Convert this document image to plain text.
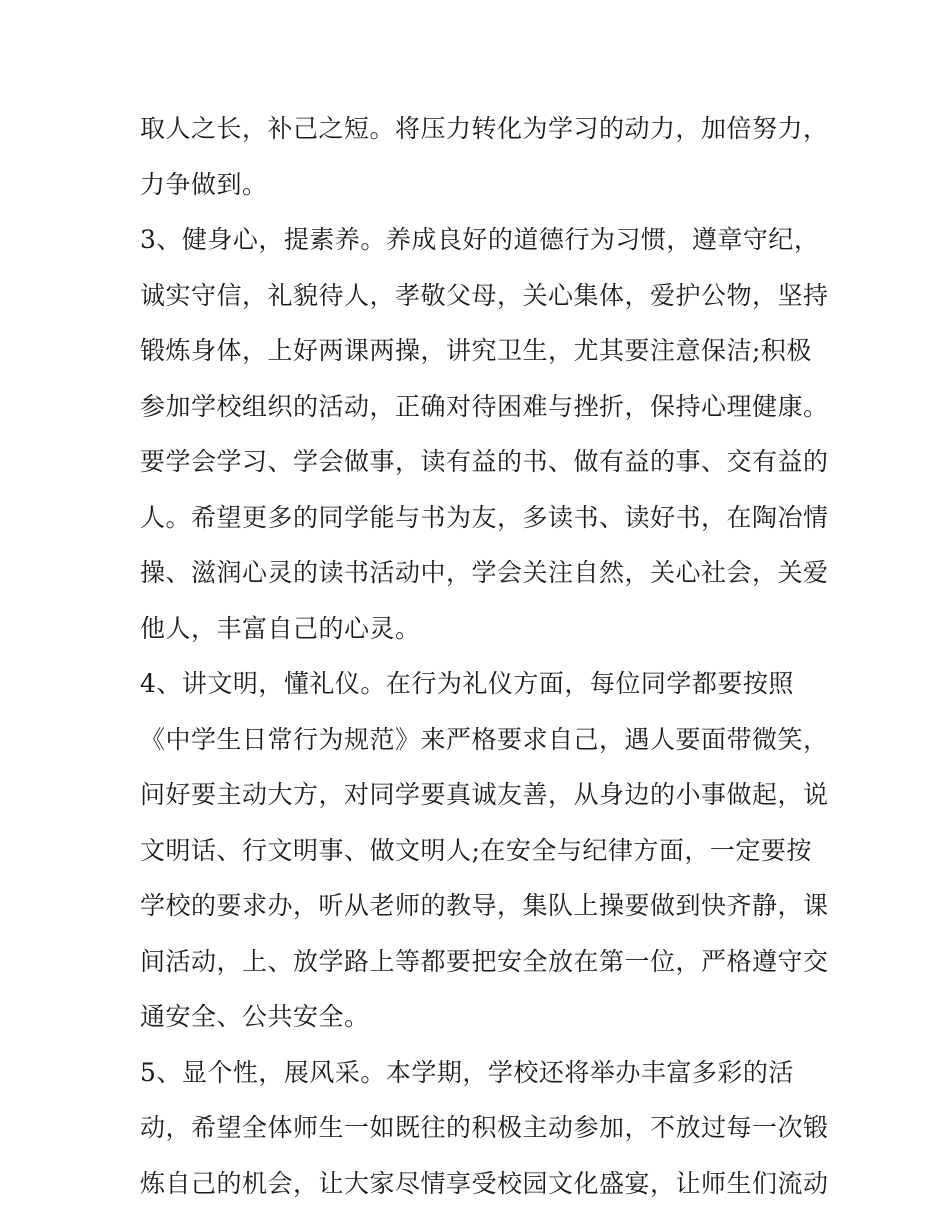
取人之长，补己之短。将压力转化为学习的动力，加倍努力，
力争做到。
3、健身心，提素养。养成良好的道德行为习惯，遵章守纪，
诚实守信，礼貌待人，孝敬父母，关心集体，爱护公物，坚持
锻炼身体，上好两课两操，讲究卫生，尤其要注意保洁;积极
参加学校组织的活动，正确对待困难与挫折，保持心理健康。
要学会学习、学会做事，读有益的书、做有益的事、交有益的
人。希望更多的同学能与书为友，多读书、读好书，在陶冶情
操、滋润心灵的读书活动中，学会关注自然，关心社会，关爱
他人，丰富自己的心灵。
4、讲文明，懂礼仪。在行为礼仪方面，每位同学都要按照
《中学生日常行为规范》来严格要求自己，遇人要面带微笑，
问好要主动大方，对同学要真诚友善，从身边的小事做起，说
文明话、行文明事、做文明人;在安全与纪律方面，一定要按
学校的要求办，听从老师的教导，集队上操要做到快齐静，课
间活动，上、放学路上等都要把安全放在第一位，严格遵守交
通安全、公共安全。
5、显个性，展风采。本学期，学校还将举办丰富多彩的活
动，希望全体师生一如既往的积极主动参加，不放过每一次锻
炼自己的机会，让大家尽情享受校园文化盛宴，让师生们流动
